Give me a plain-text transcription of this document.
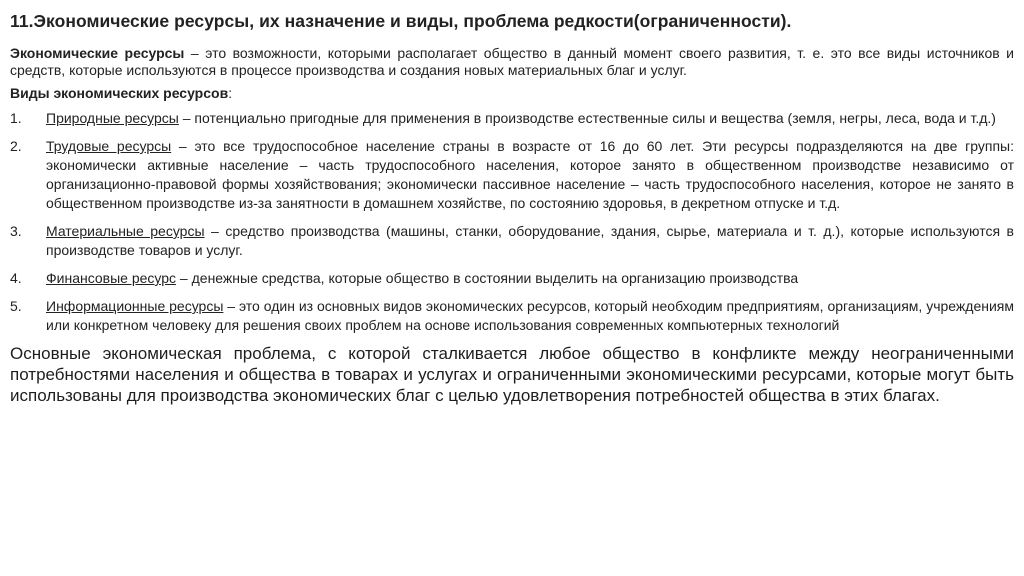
11.Экономические ресурсы, их назначение и виды, проблема редкости(ограниченности).

Экономические ресурсы – это возможности, которыми располагает общество в данный момент своего развития, т. е. это все виды источников и средств, которые используются в процессе производства и создания новых материальных благ и услуг.

Виды экономических ресурсов:

1.	Природные ресурсы – потенциально пригодные для применения в производстве естественные силы и вещества (земля, негры, леса, вода и т.д.)
2.	Трудовые ресурсы – это все трудоспособное население страны в возрасте от 16 до 60 лет. Эти ресурсы подразделяются на две группы: экономически активные население – часть трудоспособного населения, которое занято в общественном производстве независимо от организационно-правовой формы хозяйствования; экономически пассивное население – часть трудоспособного населения, которое не занято в общественном производстве из-за занятности в домашнем хозяйстве, по состоянию здоровья, в декретном отпуске и т.д.
3.	Материальные ресурсы – средство производства (машины, станки, оборудование, здания, сырье, материала и т. д.), которые используются в производстве товаров и услуг.
4.	Финансовые ресурс – денежные средства, которые общество в состоянии выделить на организацию производства
5.	Информационные ресурсы – это один из основных видов экономических ресурсов, который необходим предприятиям, организациям, учреждениям или конкретном человеку для решения своих проблем на основе использования современных компьютерных технологий

Основные экономическая проблема, с которой сталкивается любое общество в конфликте между неограниченными потребностями населения и общества в товарах и услугах и ограниченными экономическими ресурсами, которые могут быть использованы для производства экономических благ с целью удовлетворения потребностей общества в этих благах.
